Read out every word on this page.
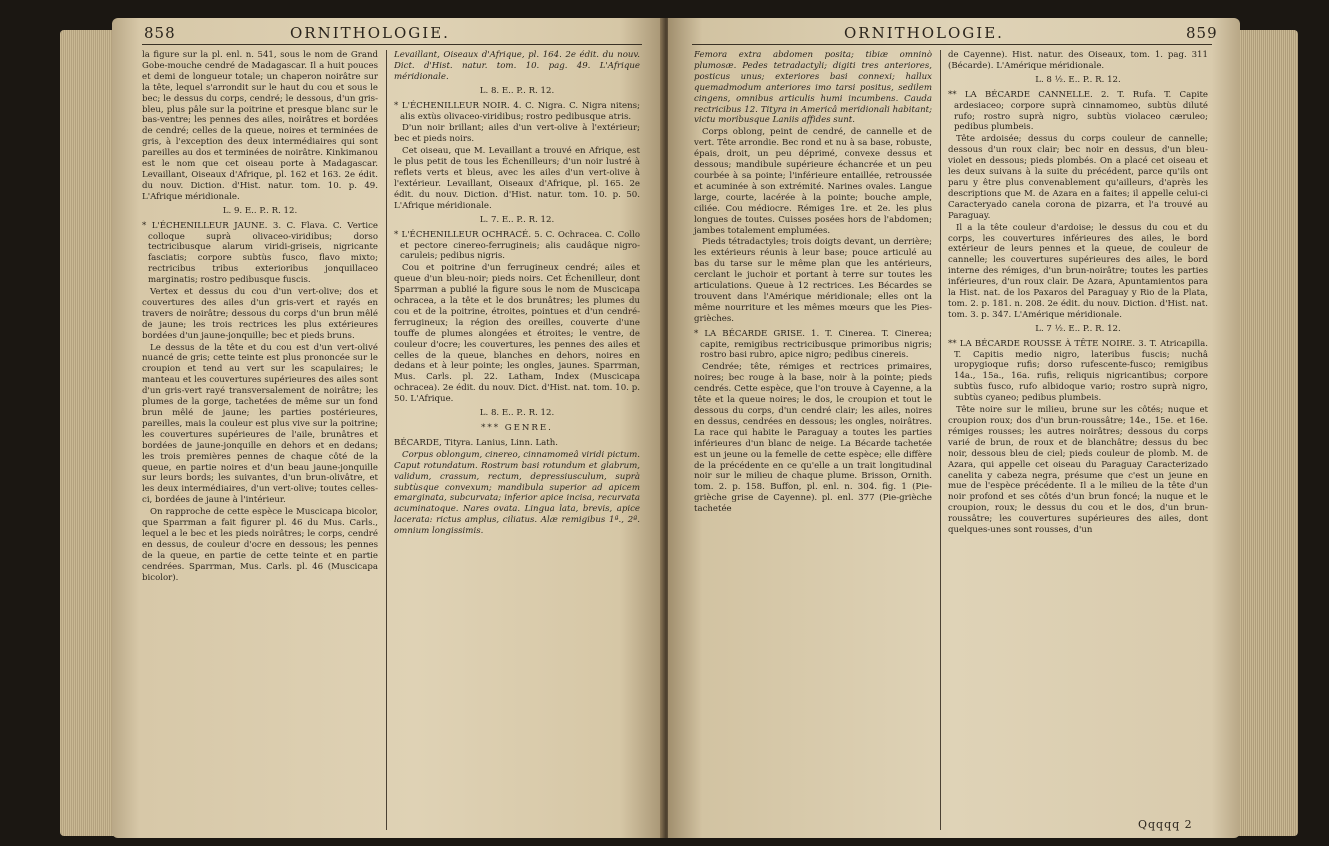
858	ORNITHOLOGIE.

la figure sur la pl. enl. n. 541, sous le nom de Grand Gobe-mouche cendré de Madagascar. Il a huit pouces et demi de longueur totale; un chaperon noirâtre sur la tête, lequel s'arrondit sur le haut du cou et sous le bec; le dessus du corps, cendré; le dessous, d'un gris-bleu, plus pâle sur la poitrine et presque blanc sur le bas-ventre; les pennes des ailes, noirâtres et bordées de cendré; celles de la queue, noires et terminées de gris, à l'exception des deux intermédiaires qui sont pareilles au dos et terminées de noirâtre. Kinkimanou est le nom que cet oiseau porte à Madagascar. Levaillant, Oiseaux d'Afrique, pl. 162 et 163. 2e édit. du nouv. Diction. d'Hist. natur. tom. 10. p. 49. L'Afrique méridionale.

L. 9. E.. P.. R. 12.

* L'ÉCHENILLEUR JAUNE. 3. C. Flava. C. Vertice colloque suprà olivaceo-viridibus; dorso tectricibusque alarum viridi-griseis, nigricante fasciatis; corpore subtùs fusco, flavo mixto; rectricibus tribus exterioribus jonquillaceo marginatis; rostro pedibusque fuscis.

Vertex et dessus du cou d'un vert-olive; dos et couvertures des ailes d'un gris-vert et rayés en travers de noirâtre; dessous du corps d'un brun mêlé de jaune; les trois rectrices les plus extérieures bordées d'un jaune-jonquille; bec et pieds bruns.

Le dessus de la tête et du cou est d'un vert-olivé nuancé de gris; cette teinte est plus prononcée sur le croupion et tend au vert sur les scapulaires; le manteau et les couvertures supérieures des ailes sont d'un gris-vert rayé transversalement de noirâtre; les plumes de la gorge, tachetées de même sur un fond brun mêlé de jaune; les parties postérieures, pareilles, mais la couleur est plus vive sur la poitrine; les couvertures supérieures de l'aile, brunâtres et bordées de jaune-jonquille en dehors et en dedans; les trois premières pennes de chaque côté de la queue, en partie noires et d'un beau jaune-jonquille sur leurs bords; les suivantes, d'un brun-olivâtre, et les deux intermédiaires, d'un vert-olive; toutes celles-ci, bordées de jaune à l'intérieur.

On rapproche de cette espèce le Muscicapa bicolor, que Sparrman a fait figurer pl. 46 du Mus. Carls., lequel a le bec et les pieds noirâtres; le corps, cendré en dessus, de couleur d'ocre en dessous; les pennes de la queue, en partie de cette teinte et en partie cendrées. Sparrman, Mus. Carls. pl. 46 (Muscicapa bicolor).

Levaillant, Oiseaux d'Afrique, pl. 164. 2e édit. du nouv. Dict. d'Hist. natur. tom. 10. pag. 49. L'Afrique méridionale.

L. 8. E.. P.. R. 12.

* L'ÉCHENILLEUR NOIR. 4. C. Nigra. C. Nigra nitens; alis extùs olivaceo-viridibus; rostro pedibusque atris.

D'un noir brillant; ailes d'un vert-olive à l'extérieur; bec et pieds noirs.

Cet oiseau, que M. Levaillant a trouvé en Afrique, est le plus petit de tous les Échenilleurs; d'un noir lustré à reflets verts et bleus, avec les ailes d'un vert-olive à l'extérieur. Levaillant, Oiseaux d'Afrique, pl. 165. 2e édit. du nouv. Diction. d'Hist. natur. tom. 10. p. 50. L'Afrique méridionale.

L. 7. E.. P.. R. 12.

* L'ÉCHENILLEUR OCHRACÉ. 5. C. Ochracea. C. Collo et pectore cinereo-ferrugineis; alis caudâque nigro-caruleis; pedibus nigris.

Cou et poitrine d'un ferrugineux cendré; ailes et queue d'un bleu-noir; pieds noirs. Cet Échenilleur, dont Sparrman a publié la figure sous le nom de Muscicapa ochracea, a la tête et le dos brunâtres; les plumes du cou et de la poitrine, étroites, pointues et d'un cendré-ferrugineux; la région des oreilles, couverte d'une touffe de plumes alongées et étroites; le ventre, de couleur d'ocre; les couvertures, les pennes des ailes et celles de la queue, blanches en dehors, noires en dedans et à leur pointe; les ongles, jaunes. Sparrman, Mus. Carls. pl. 22. Latham, Index (Muscicapa ochracea). 2e édit. du nouv. Dict. d'Hist. nat. tom. 10. p. 50. L'Afrique.

L. 8. E.. P.. R. 12.

*** GENRE.

BÉCARDE, Tityra. Lanius, Linn. Lath.

Corpus oblongum, cinereo, cinnamomeâ viridi pictum. Caput rotundatum. Rostrum basi rotundum et glabrum, validum, crassum, rectum, depressiusculum, suprà subtùsque convexum; mandibula superior ad apicem emarginata, subcurvata; inferior apice incisa, recurvata acuminatoque. Nares ovata. Lingua lata, brevis, apice lacerata: rictus amplus, ciliatus. Alæ remigibus 1ª., 2ª. omnium longissimis.

ORNITHOLOGIE.	859

Femora extra abdomen posita; tibiæ omninò plumosæ. Pedes tetradactyli; digiti tres anteriores, posticus unus; exteriores basi connexi; hallux quemadmodum anteriores imo tarsi positus, sedilem cingens, omnibus articulis humi incumbens. Cauda rectricibus 12. Tityra in Americâ meridionali habitant; victu moribusque Laniis affides sunt.

Corps oblong, peint de cendré, de cannelle et de vert. Tête arrondie. Bec rond et nu à sa base, robuste, épais, droit, un peu déprimé, convexe dessus et dessous; mandibule supérieure échancrée et un peu courbée à sa pointe; l'inférieure entaillée, retroussée et acuminée à son extrémité. Narines ovales. Langue large, courte, lacérée à la pointe; bouche ample, ciliée. Cou médiocre. Rémiges 1re. et 2e. les plus longues de toutes. Cuisses posées hors de l'abdomen; jambes totalement emplumées.

Pieds tétradactyles; trois doigts devant, un derrière; les extérieurs réunis à leur base; pouce articulé au bas du tarse sur le même plan que les antérieurs, cerclant le juchoir et portant à terre sur toutes les articulations. Queue à 12 rectrices. Les Bécardes se trouvent dans l'Amérique méridionale; elles ont la même nourriture et les mêmes mœurs que les Pies-grièches.

* LA BÉCARDE GRISE. 1. T. Cinerea. T. Cinerea; capite, remigibus rectricibusque primoribus nigris; rostro basi rubro, apice nigro; pedibus cinereis.

Cendrée; tête, rémiges et rectrices primaires, noires; bec rouge à la base, noir à la pointe; pieds cendrés. Cette espèce, que l'on trouve à Cayenne, a la tête et la queue noires; le dos, le croupion et tout le dessous du corps, d'un cendré clair; les ailes, noires en dessus, cendrées en dessous; les ongles, noirâtres. La race qui habite le Paraguay a toutes les parties inférieures d'un blanc de neige. La Bécarde tachetée est un jeune ou la femelle de cette espèce; elle diffère de la précédente en ce qu'elle a un trait longitudinal noir sur le milieu de chaque plume. Brisson, Ornith. tom. 2. p. 158. Buffon, pl. enl. n. 304. fig. 1 (Pie-grièche grise de Cayenne). pl. enl. 377 (Pie-grièche tachetée

de Cayenne). Hist. natur. des Oiseaux, tom. 1. pag. 311 (Bécarde). L'Amérique méridionale.

L. 8 ½. E.. P.. R. 12.

** LA BÉCARDE CANNELLE. 2. T. Rufa. T. Capite ardesiaceo; corpore suprà cinnamomeo, subtùs diluté rufo; rostro suprà nigro, subtùs violaceo cæruleo; pedibus plumbeis.

Tête ardoisée; dessus du corps couleur de cannelle; dessous d'un roux clair; bec noir en dessus, d'un bleu-violet en dessous; pieds plombés. On a placé cet oiseau et les deux suivans à la suite du précédent, parce qu'ils ont paru y être plus convenablement qu'ailleurs, d'après les descriptions que M. de Azara en a faites; il appelle celui-ci Caracteryado canela corona de pizarra, et l'a trouvé au Paraguay.

Il a la tête couleur d'ardoise; le dessus du cou et du corps, les couvertures inférieures des ailes, le bord extérieur de leurs pennes et la queue, de couleur de cannelle; les couvertures supérieures des ailes, le bord interne des rémiges, d'un brun-noirâtre; toutes les parties inférieures, d'un roux clair. De Azara, Apuntamientos para la Hist. nat. de los Paxaros del Paraguay y Rio de la Plata, tom. 2. p. 181. n. 208. 2e édit. du nouv. Diction. d'Hist. nat. tom. 3. p. 347. L'Amérique méridionale.

L. 7 ½. E.. P.. R. 12.

** LA BÉCARDE ROUSSE À TÊTE NOIRE. 3. T. Atricapilla. T. Capitis medio nigro, lateribus fuscis; nuchâ uropygioque rufis; dorso rufescente-fusco; remigibus 14a., 15a., 16a. rufis, reliquis nigricantibus; corpore subtùs fusco, rufo albidoque vario; rostro suprà nigro, subtùs cyaneo; pedibus plumbeis.

Tête noire sur le milieu, brune sur les côtés; nuque et croupion roux; dos d'un brun-roussâtre; 14e., 15e. et 16e. rémiges rousses; les autres noirâtres; dessous du corps varié de brun, de roux et de blanchâtre; dessus du bec noir, dessous bleu de ciel; pieds couleur de plomb. M. de Azara, qui appelle cet oiseau du Paraguay Caracterizado canelita y cabeza negra, présume que c'est un jeune en mue de l'espèce précédente. Il a le milieu de la tête d'un noir profond et ses côtés d'un brun foncé; la nuque et le croupion, roux; le dessus du cou et le dos, d'un brun-roussâtre; les couvertures supérieures des ailes, dont quelques-unes sont rousses, d'un

Qqqqq 2
